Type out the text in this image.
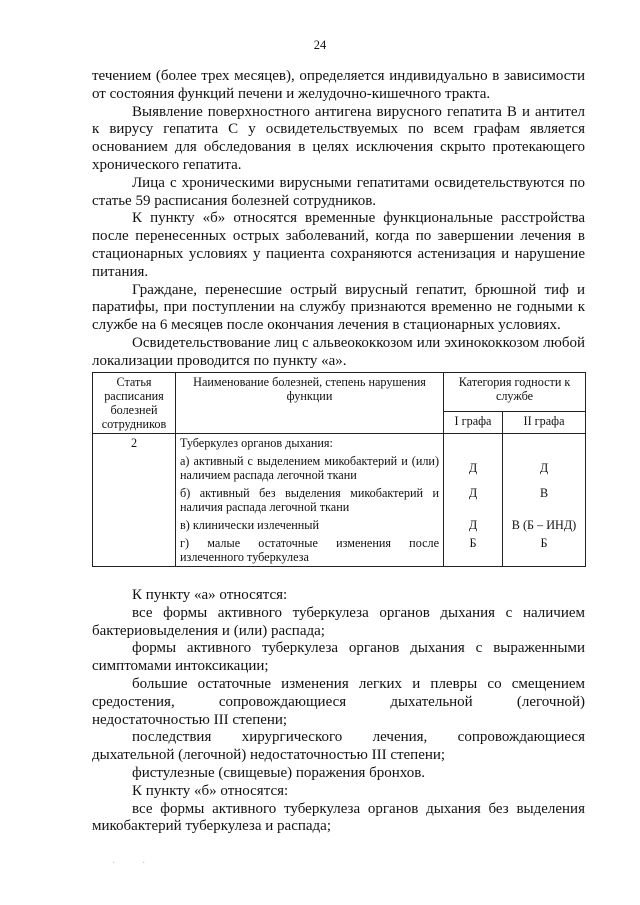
24

течением (более трех месяцев), определяется индивидуально в зависимости от состояния функций печени и желудочно-кишечного тракта.

Выявление поверхностного антигена вирусного гепатита В и антител к вирусу гепатита С у освидетельствуемых по всем графам является основанием для обследования в целях исключения скрыто протекающего хронического гепатита.

Лица с хроническими вирусными гепатитами освидетельствуются по статье 59 расписания болезней сотрудников.

К пункту «б» относятся временные функциональные расстройства после перенесенных острых заболеваний, когда по завершении лечения в стационарных условиях у пациента сохраняются астенизация и нарушение питания.

Граждане, перенесшие острый вирусный гепатит, брюшной тиф и паратифы, при поступлении на службу признаются временно не годными к службе на 6 месяцев после окончания лечения в стационарных условиях.

Освидетельствование лиц с альвеококкозом или эхинококкозом любой локализации проводится по пункту «а».

Статья расписания болезней сотрудников	Наименование болезней, степень нарушения функции	Категория годности к службе	
		I графа	II графа
2	Туберкулез органов дыхания:		
	а) активный с выделением микобактерий и (или) наличием распада легочной ткани	Д	Д
	б) активный без выделения микобактерий и наличия распада легочной ткани	Д	В
	в) клинически излеченный	Д	В (Б – ИНД)
	г) малые остаточные изменения после излеченного туберкулеза	Б	Б

К пункту «а» относятся:

все формы активного туберкулеза органов дыхания с наличием бактериовыделения и (или) распада;

формы активного туберкулеза органов дыхания с выраженными симптомами интоксикации;

большие остаточные изменения легких и плевры со смещением средостения, сопровождающиеся дыхательной (легочной) недостаточностью III степени;

последствия хирургического лечения, сопровождающиеся дыхательной (легочной) недостаточностью III степени;

фистулезные (свищевые) поражения бронхов.

К пункту «б» относятся:

все формы активного туберкулеза органов дыхания без выделения микобактерий туберкулеза и распада;

·	·
